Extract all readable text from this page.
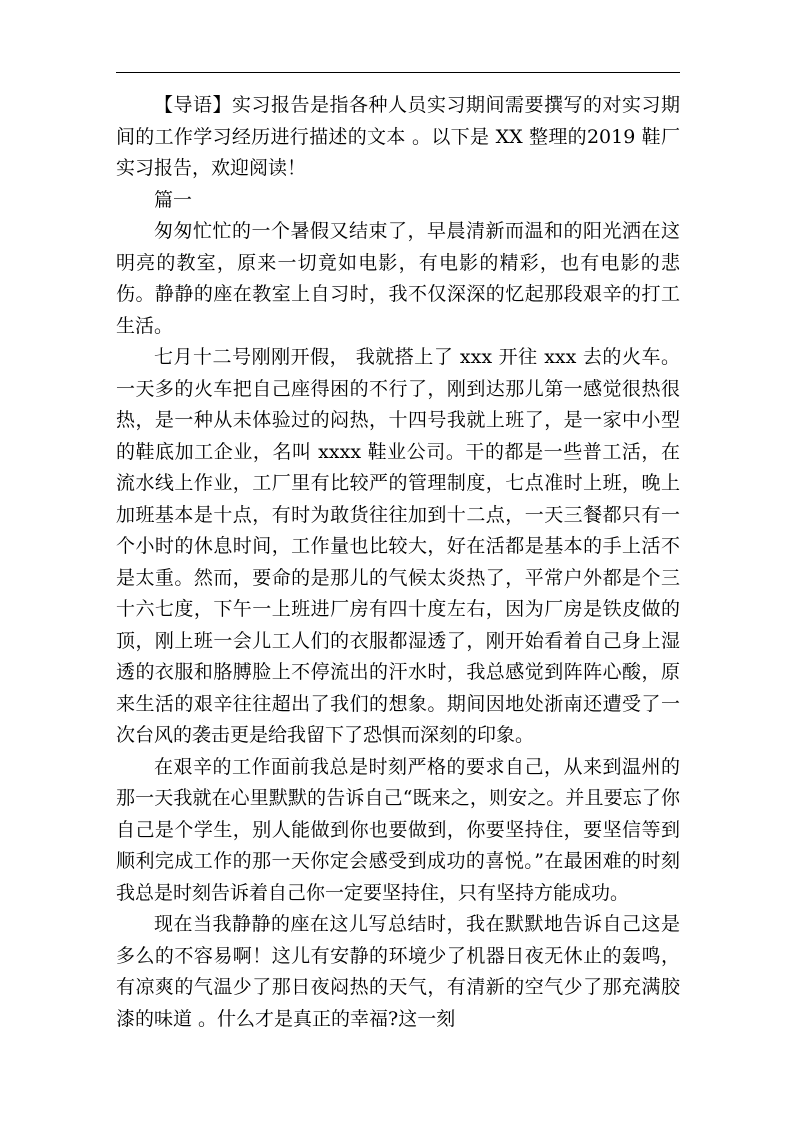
【导语】实习报告是指各种人员实习期间需要撰写的对实习期间的工作学习经历进行描述的文本 。以下是 XX 整理的2019 鞋厂实习报告，欢迎阅读！

篇一

匆匆忙忙的一个暑假又结束了，早晨清新而温和的阳光洒在这明亮的教室，原来一切竟如电影，有电影的精彩，也有电影的悲伤。静静的座在教室上自习时，我不仅深深的忆起那段艰辛的打工生活。

七月十二号刚刚开假， 我就搭上了 xxx 开往 xxx 去的火车。一天多的火车把自己座得困的不行了，刚到达那儿第一感觉很热很热，是一种从未体验过的闷热，十四号我就上班了，是一家中小型的鞋底加工企业，名叫 xxxx 鞋业公司。干的都是一些普工活，在流水线上作业，工厂里有比较严的管理制度，七点准时上班，晚上加班基本是十点，有时为敢货往往加到十二点，一天三餐都只有一个小时的休息时间，工作量也比较大，好在活都是基本的手上活不是太重。然而，要命的是那儿的气候太炎热了，平常户外都是个三十六七度，下午一上班进厂房有四十度左右，因为厂房是铁皮做的顶，刚上班一会儿工人们的衣服都湿透了，刚开始看着自己身上湿透的衣服和胳膊脸上不停流出的汗水时，我总感觉到阵阵心酸，原来生活的艰辛往往超出了我们的想象。期间因地处浙南还遭受了一次台风的袭击更是给我留下了恐惧而深刻的印象。

在艰辛的工作面前我总是时刻严格的要求自己，从来到温州的那一天我就在心里默默的告诉自己“既来之，则安之。并且要忘了你自己是个学生，别人能做到你也要做到，你要坚持住，要坚信等到顺利完成工作的那一天你定会感受到成功的喜悦。”在最困难的时刻我总是时刻告诉着自己你一定要坚持住，只有坚持方能成功。

现在当我静静的座在这儿写总结时，我在默默地告诉自己这是多么的不容易啊！这儿有安静的环境少了机器日夜无休止的轰鸣，有凉爽的气温少了那日夜闷热的天气，有清新的空气少了那充满胶漆的味道 。什么才是真正的幸福?这一刻
